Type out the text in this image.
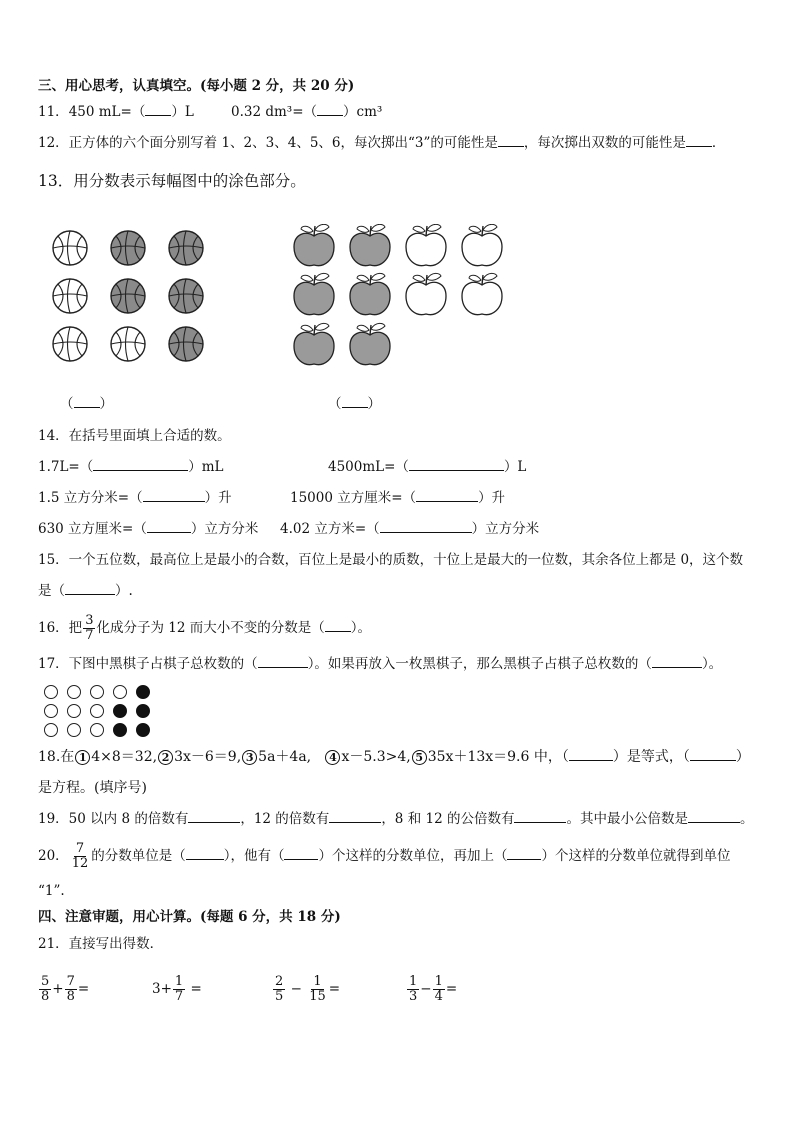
三、用心思考，认真填空。(每小题 2 分，共 20 分)
11．450 mL=（ ）L	0.32 dm³=（ ）cm³
12．正方体的六个面分别写着 1、2、3、4、5、6，每次掷出“3”的可能性是 ，每次掷出双数的可能性是 ．
13．用分数表示每幅图中的涂色部分。
（ ）	（ ）
14．在括号里面填上合适的数。
1.7L=（	）mL	4500mL=（	）L
1.5 立方分米=（	）升	15000 立方厘米=（	）升
630 立方厘米=（	）立方分米 4.02 立方米=（	）立方分米
15．一个五位数，最高位上是最小的合数，百位上是最小的质数，十位上是最大的一位数，其余各位上都是 0，这个数
是（	）.
16．把 $\frac{3}{7}$ 化成分子为 12 而大小不变的分数是（ ）。
17．下图中黑棋子占棋子总枚数的（	）。如果再放入一枚黑棋子，那么黑棋子占棋子总枚数的（	）。
18.在 1 4×8＝32, 2 3x－6＝9, 3 5a＋4a, 4 x－5.3>4, 5 35x＋13x＝9.6 中，（	）是等式，（	）
是方程。(填序号)
19．50 以内 8 的倍数有	，12 的倍数有	，8 和 12 的公倍数有	。其中最小公倍数是	。
20． $\frac{7}{12}$ 的分数单位是（	），他有（	）个这样的分数单位，再加上（	）个这样的分数单位就得到单位
“1”.
四、注意审题，用心计算。(每题 6 分，共 18 分)
21．直接写出得数．
$\frac{5}{8} + \frac{7}{8}$ =	$3+ \frac{1}{7}$ =	$\frac{2}{5} - \frac{1}{15}$ =	$\frac{1}{3} - \frac{1}{4}$ =
